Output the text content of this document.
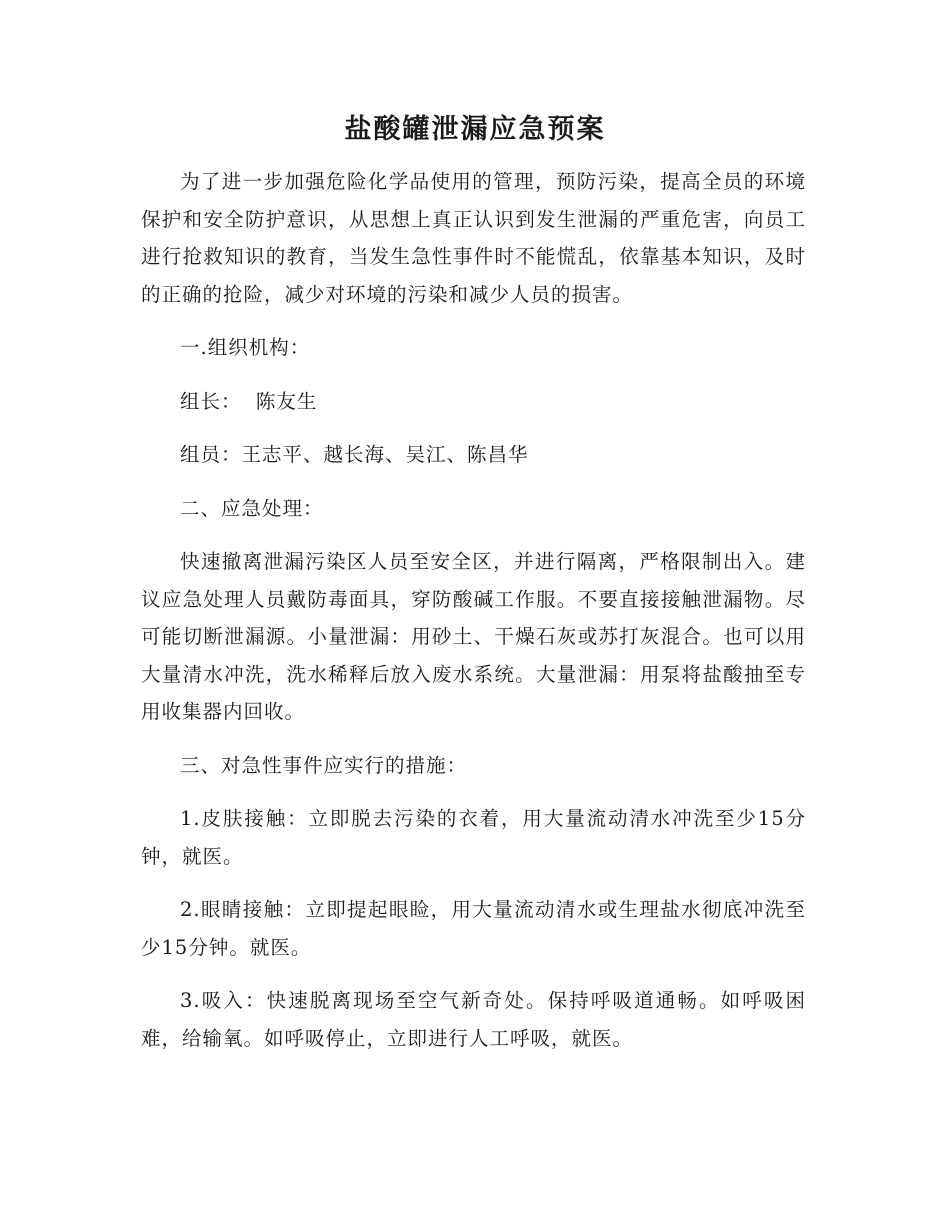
盐酸罐泄漏应急预案

为了进一步加强危险化学品使用的管理，预防污染，提高全员的环境保护和安全防护意识，从思想上真正认识到发生泄漏的严重危害，向员工进行抢救知识的教育，当发生急性事件时不能慌乱，依靠基本知识，及时的正确的抢险，减少对环境的污染和减少人员的损害。

一.组织机构：

组长：  陈友生

组员：王志平、越长海、吴江、陈昌华

二、应急处理：

快速撤离泄漏污染区人员至安全区，并进行隔离，严格限制出入。建议应急处理人员戴防毒面具，穿防酸碱工作服。不要直接接触泄漏物。尽可能切断泄漏源。小量泄漏：用砂土、干燥石灰或苏打灰混合。也可以用大量清水冲洗，洗水稀释后放入废水系统。大量泄漏：用泵将盐酸抽至专用收集器内回收。

三、对急性事件应实行的措施：

1.皮肤接触：立即脱去污染的衣着，用大量流动清水冲洗至少15分钟，就医。

2.眼睛接触：立即提起眼睑，用大量流动清水或生理盐水彻底冲洗至少15分钟。就医。

3.吸入：快速脱离现场至空气新奇处。保持呼吸道通畅。如呼吸困难，给输氧。如呼吸停止，立即进行人工呼吸，就医。
